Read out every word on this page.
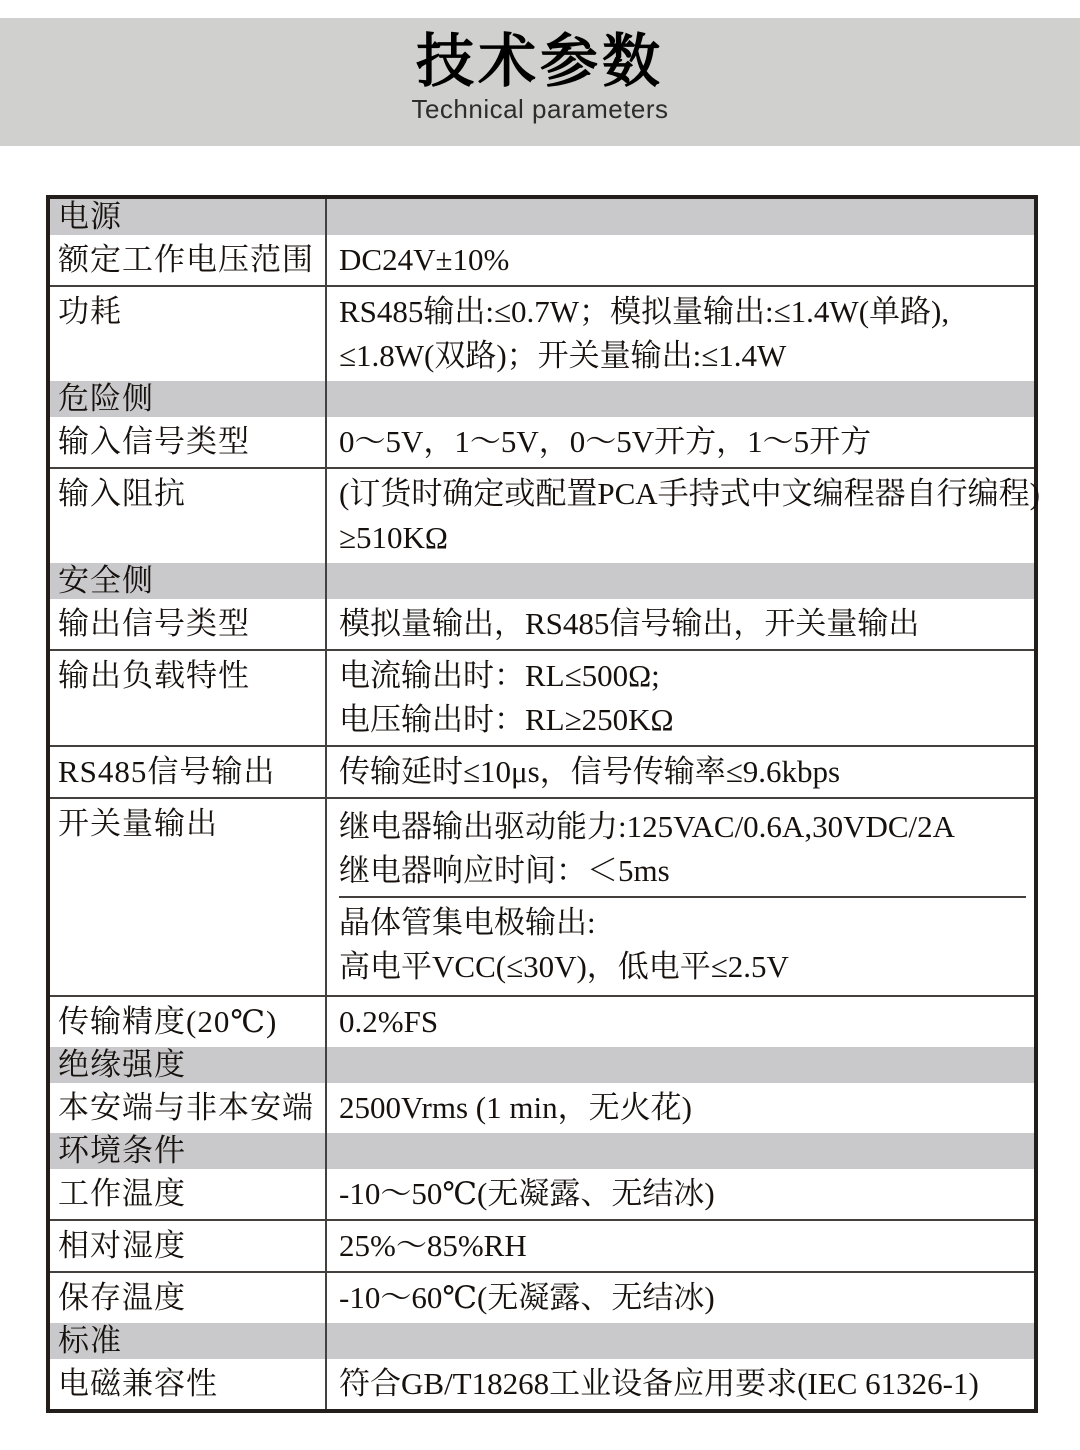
技术参数
Technical parameters
电源
额定工作电压范围 DC24V±10%
功耗	RS485输出:≤0.7W；模拟量输出:≤1.4W(单路),
≤1.8W(双路)；开关量输出:≤1.4W
危险侧
输入信号类型	0～5V，1～5V，0～5V开方，1～5开方
输入阻抗	(订货时确定或配置PCA手持式中文编程器自行编程)
≥510KΩ
安全侧
输出信号类型	模拟量输出，RS485信号输出，开关量输出
输出负载特性	电流输出时：RL≤500Ω;
电压输出时：RL≥250KΩ
RS485信号输出	传输延时≤10μs，信号传输率≤9.6kbps
开关量输出	继电器输出驱动能力:125VAC/0.6A,30VDC/2A
继电器响应时间：＜5ms
晶体管集电极输出:
高电平VCC(≤30V)，低电平≤2.5V
传输精度(20℃)	0.2%FS
绝缘强度
本安端与非本安端 2500Vrms (1 min，无火花)
环境条件
工作温度	-10～50℃(无凝露、无结冰)
相对湿度	25%～85%RH
保存温度	-10～60℃(无凝露、无结冰)
标准
电磁兼容性	符合GB/T18268工业设备应用要求(IEC 61326-1)
